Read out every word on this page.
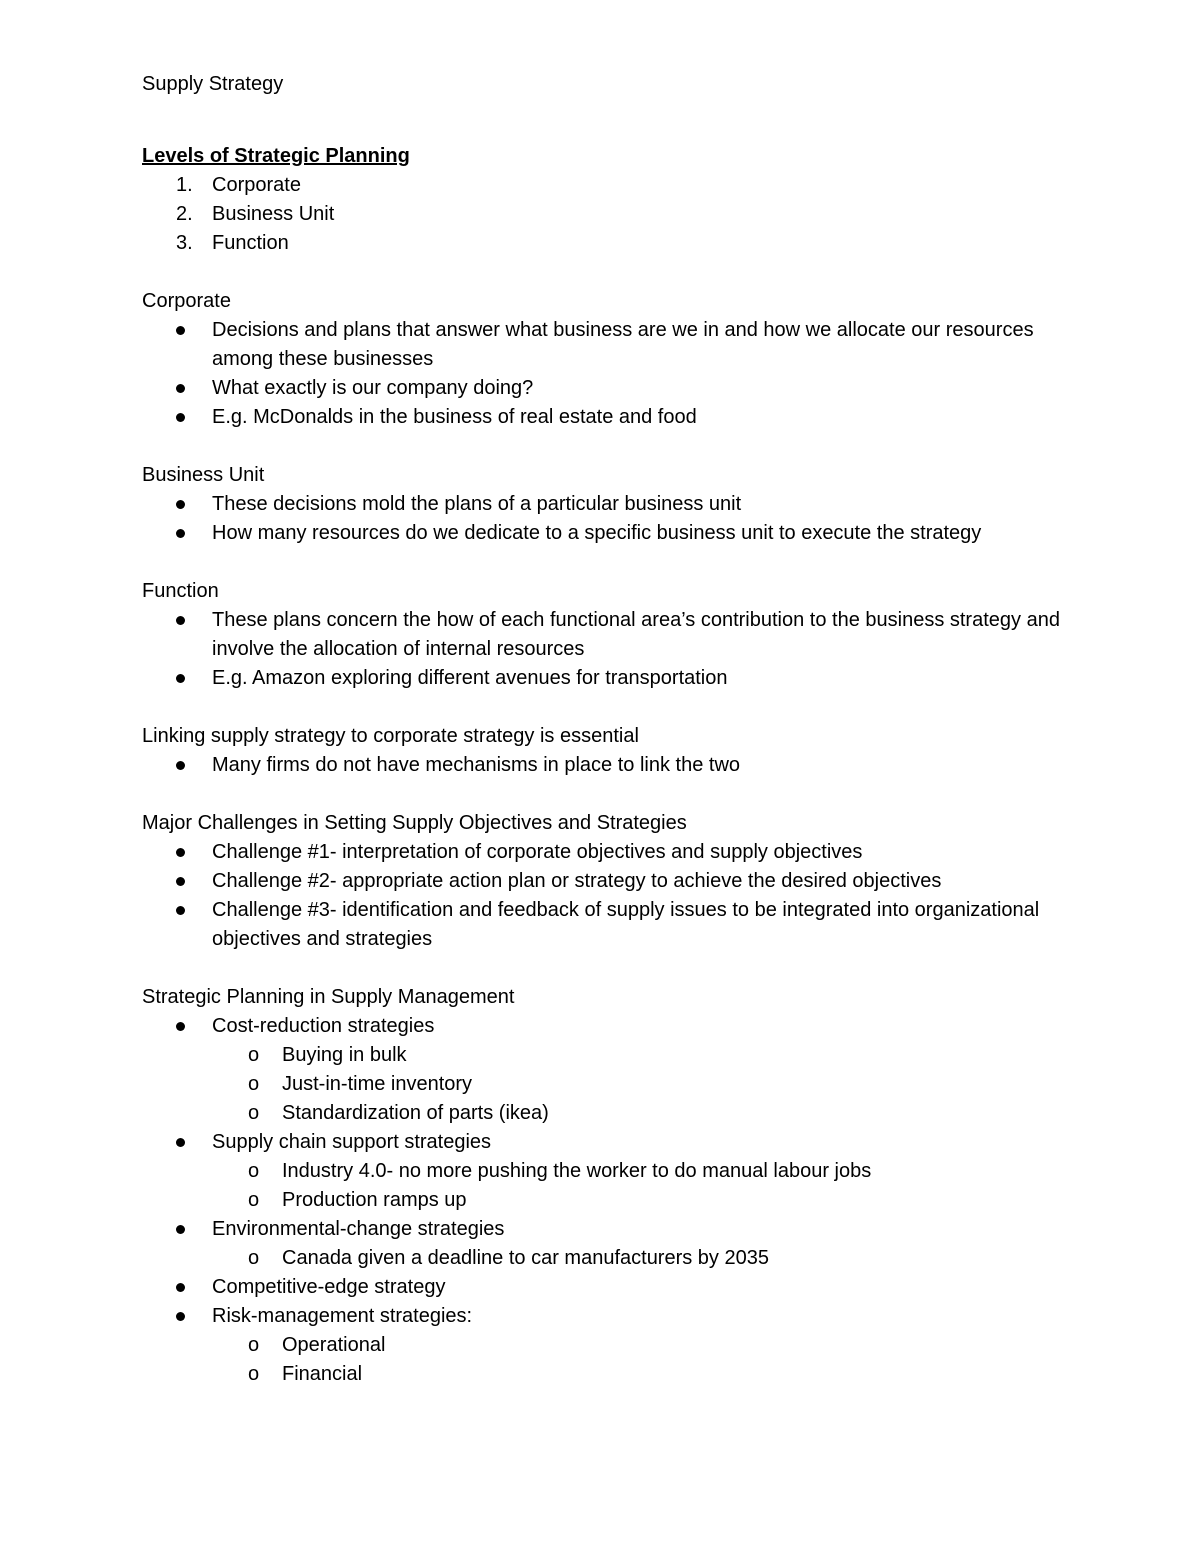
Supply Strategy

Levels of Strategic Planning

1. Corporate
2. Business Unit
3. Function

Corporate

Decisions and plans that answer what business are we in and how we allocate our resources among these businesses
What exactly is our company doing?
E.g. McDonalds in the business of real estate and food

Business Unit

These decisions mold the plans of a particular business unit
How many resources do we dedicate to a specific business unit to execute the strategy

Function

These plans concern the how of each functional area’s contribution to the business strategy and involve the allocation of internal resources
E.g. Amazon exploring different avenues for transportation

Linking supply strategy to corporate strategy is essential

Many firms do not have mechanisms in place to link the two

Major Challenges in Setting Supply Objectives and Strategies

Challenge #1- interpretation of corporate objectives and supply objectives
Challenge #2- appropriate action plan or strategy to achieve the desired objectives
Challenge #3- identification and feedback of supply issues to be integrated into organizational objectives and strategies

Strategic Planning in Supply Management

Cost-reduction strategies
o Buying in bulk
o Just-in-time inventory
o Standardization of parts (ikea)
Supply chain support strategies
o Industry 4.0- no more pushing the worker to do manual labour jobs
o Production ramps up
Environmental-change strategies
o Canada given a deadline to car manufacturers by 2035
Competitive-edge strategy
Risk-management strategies:
o Operational
o Financial
